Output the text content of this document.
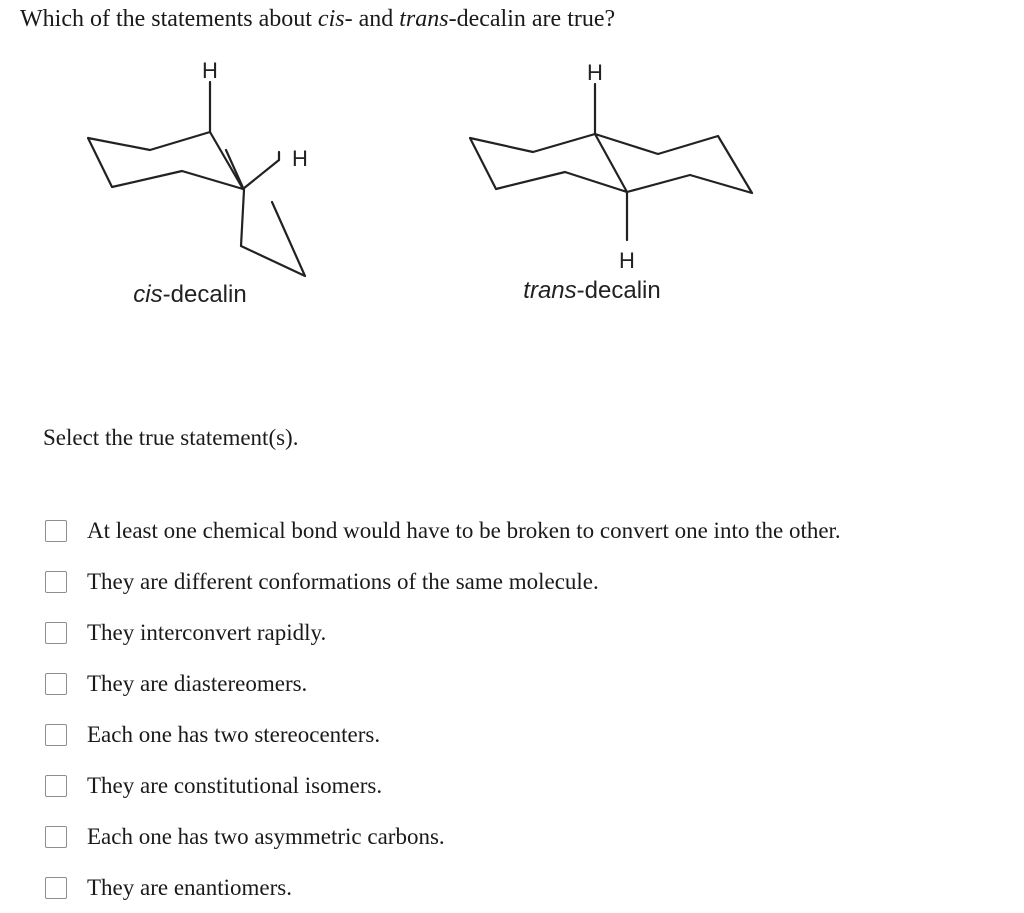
Which of the statements about cis- and trans-decalin are true?
H
H
cis-decalin
H
H
trans-decalin
Select the true statement(s).
At least one chemical bond would have to be broken to convert one into the other.
They are different conformations of the same molecule.
They interconvert rapidly.
They are diastereomers.
Each one has two stereocenters.
They are constitutional isomers.
Each one has two asymmetric carbons.
They are enantiomers.
